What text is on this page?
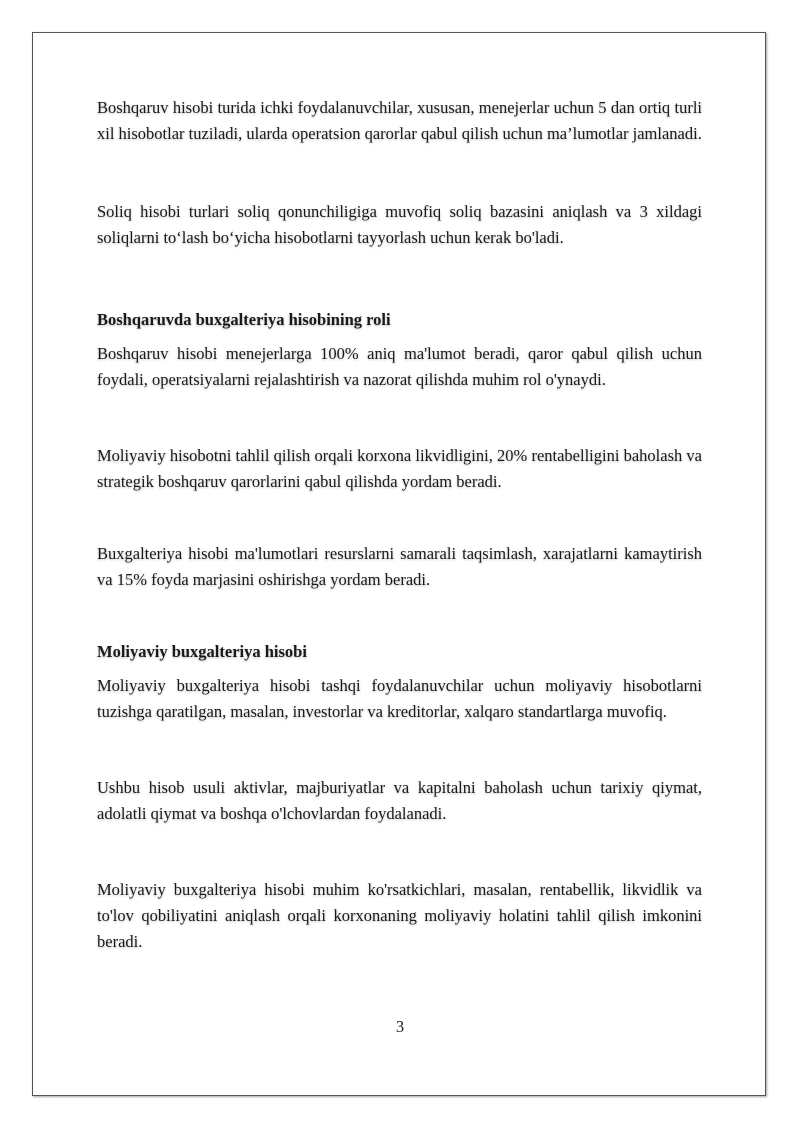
Boshqaruv hisobi turida ichki foydalanuvchilar, xususan, menejerlar uchun 5 dan ortiq turli xil hisobotlar tuziladi, ularda operatsion qarorlar qabul qilish uchun ma’lumotlar jamlanadi.

Soliq hisobi turlari soliq qonunchiligiga muvofiq soliq bazasini aniqlash va 3 xildagi soliqlarni to‘lash bo‘yicha hisobotlarni tayyorlash uchun kerak bo'ladi.

Boshqaruvda buxgalteriya hisobining roli

Boshqaruv hisobi menejerlarga 100% aniq ma'lumot beradi, qaror qabul qilish uchun foydali, operatsiyalarni rejalashtirish va nazorat qilishda muhim rol o'ynaydi.

Moliyaviy hisobotni tahlil qilish orqali korxona likvidligini, 20% rentabelligini baholash va strategik boshqaruv qarorlarini qabul qilishda yordam beradi.

Buxgalteriya hisobi ma'lumotlari resurslarni samarali taqsimlash, xarajatlarni kamaytirish va 15% foyda marjasini oshirishga yordam beradi.

Moliyaviy buxgalteriya hisobi

Moliyaviy buxgalteriya hisobi tashqi foydalanuvchilar uchun moliyaviy hisobotlarni tuzishga qaratilgan, masalan, investorlar va kreditorlar, xalqaro standartlarga muvofiq.

Ushbu hisob usuli aktivlar, majburiyatlar va kapitalni baholash uchun tarixiy qiymat, adolatli qiymat va boshqa o'lchovlardan foydalanadi.

Moliyaviy buxgalteriya hisobi muhim ko'rsatkichlari, masalan, rentabellik, likvidlik va to'lov qobiliyatini aniqlash orqali korxonaning moliyaviy holatini tahlil qilish imkonini beradi.

3
